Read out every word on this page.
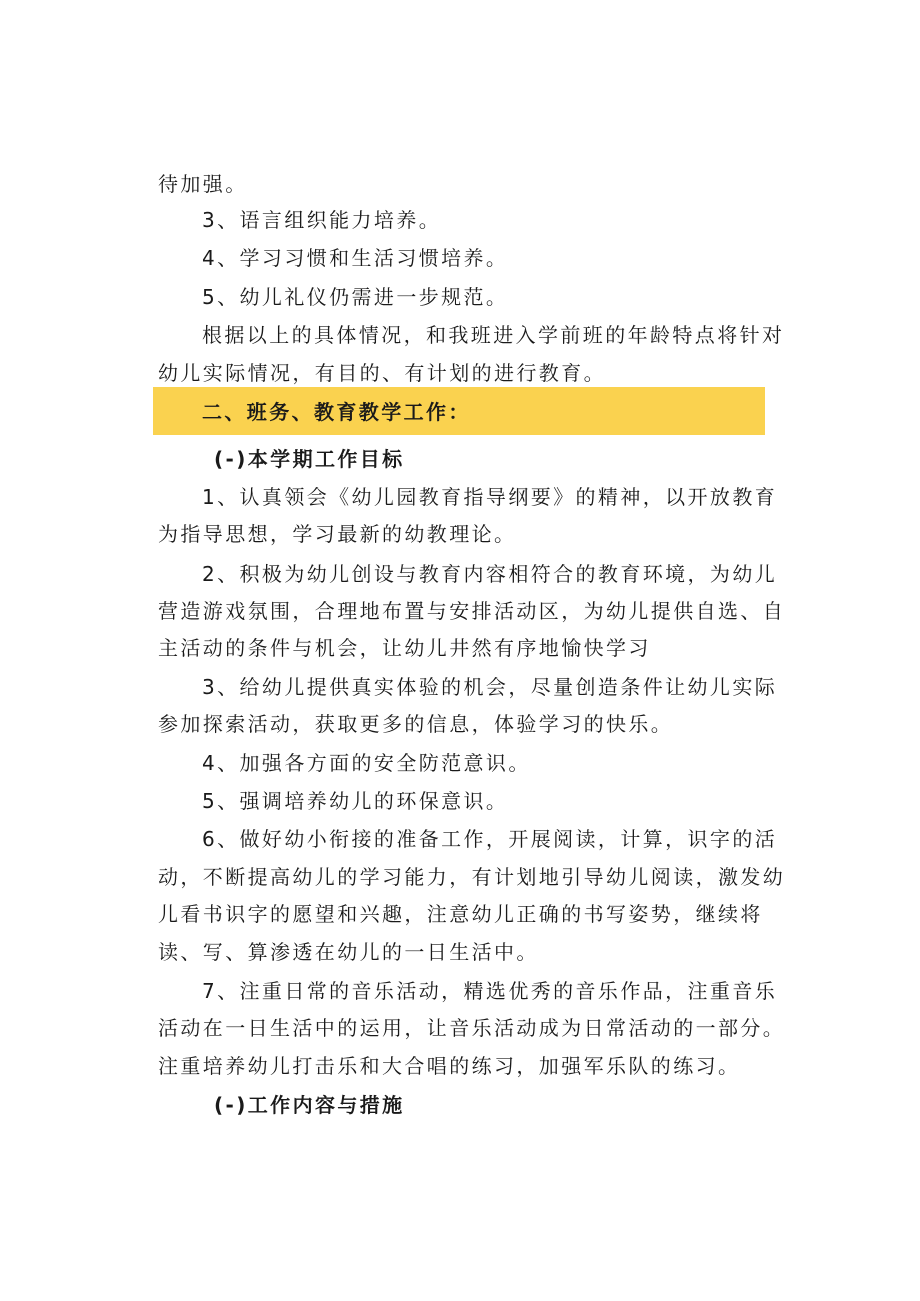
待加强。
3、语言组织能力培养。
4、学习习惯和生活习惯培养。
5、幼儿礼仪仍需进一步规范。
根据以上的具体情况，和我班进入学前班的年龄特点将针对
幼儿实际情况，有目的、有计划的进行教育。
二、班务、教育教学工作：
(-)本学期工作目标
1、认真领会《幼儿园教育指导纲要》的精神，以开放教育
为指导思想，学习最新的幼教理论。
2、积极为幼儿创设与教育内容相符合的教育环境，为幼儿
营造游戏氛围，合理地布置与安排活动区，为幼儿提供自选、自
主活动的条件与机会，让幼儿井然有序地愉快学习
3、给幼儿提供真实体验的机会，尽量创造条件让幼儿实际
参加探索活动，获取更多的信息，体验学习的快乐。
4、加强各方面的安全防范意识。
5、强调培养幼儿的环保意识。
6、做好幼小衔接的准备工作，开展阅读，计算，识字的活
动，不断提高幼儿的学习能力，有计划地引导幼儿阅读，激发幼
儿看书识字的愿望和兴趣，注意幼儿正确的书写姿势，继续将
读、写、算渗透在幼儿的一日生活中。
7、注重日常的音乐活动，精选优秀的音乐作品，注重音乐
活动在一日生活中的运用，让音乐活动成为日常活动的一部分。
注重培养幼儿打击乐和大合唱的练习，加强军乐队的练习。
(-)工作内容与措施
